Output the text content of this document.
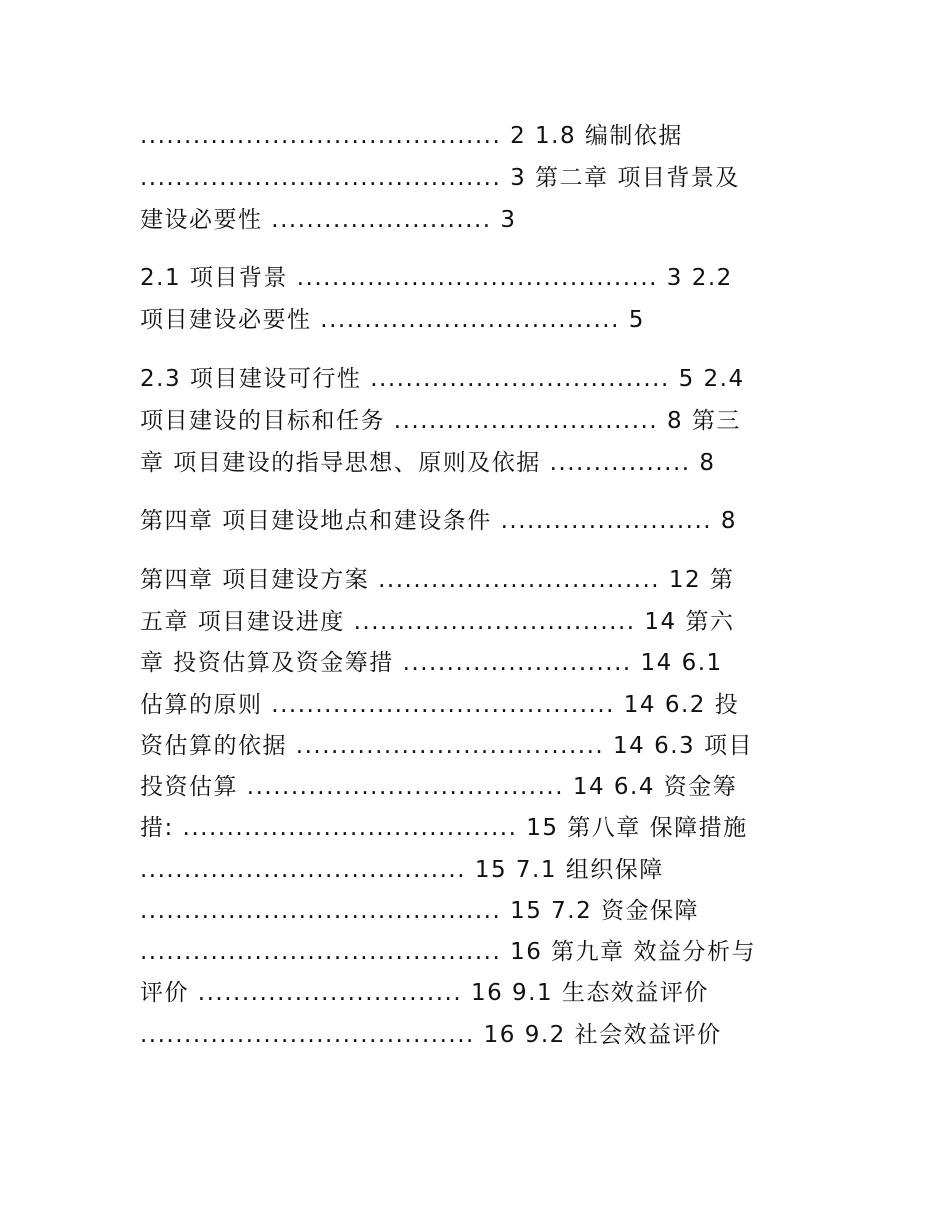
......................................... 2 1.8 编制依据
......................................... 3 第二章 项目背景及
建设必要性 ......................... 3
2.1 项目背景 ......................................... 3 2.2
项目建设必要性 .................................. 5
2.3 项目建设可行性 .................................. 5 2.4
项目建设的目标和任务 .............................. 8 第三
章 项目建设的指导思想、原则及依据 ................ 8
第四章 项目建设地点和建设条件 ........................ 8
第四章 项目建设方案 ................................ 12 第
五章 项目建设进度 ................................ 14 第六
章 投资估算及资金筹措 .......................... 14 6.1
估算的原则 ....................................... 14 6.2 投
资估算的依据 ................................... 14 6.3 项目
投资估算 .................................... 14 6.4 资金筹
措: ...................................... 15 第八章 保障措施
..................................... 15 7.1 组织保障
......................................... 15 7.2 资金保障
......................................... 16 第九章 效益分析与
评价 .............................. 16 9.1 生态效益评价
...................................... 16 9.2 社会效益评价
